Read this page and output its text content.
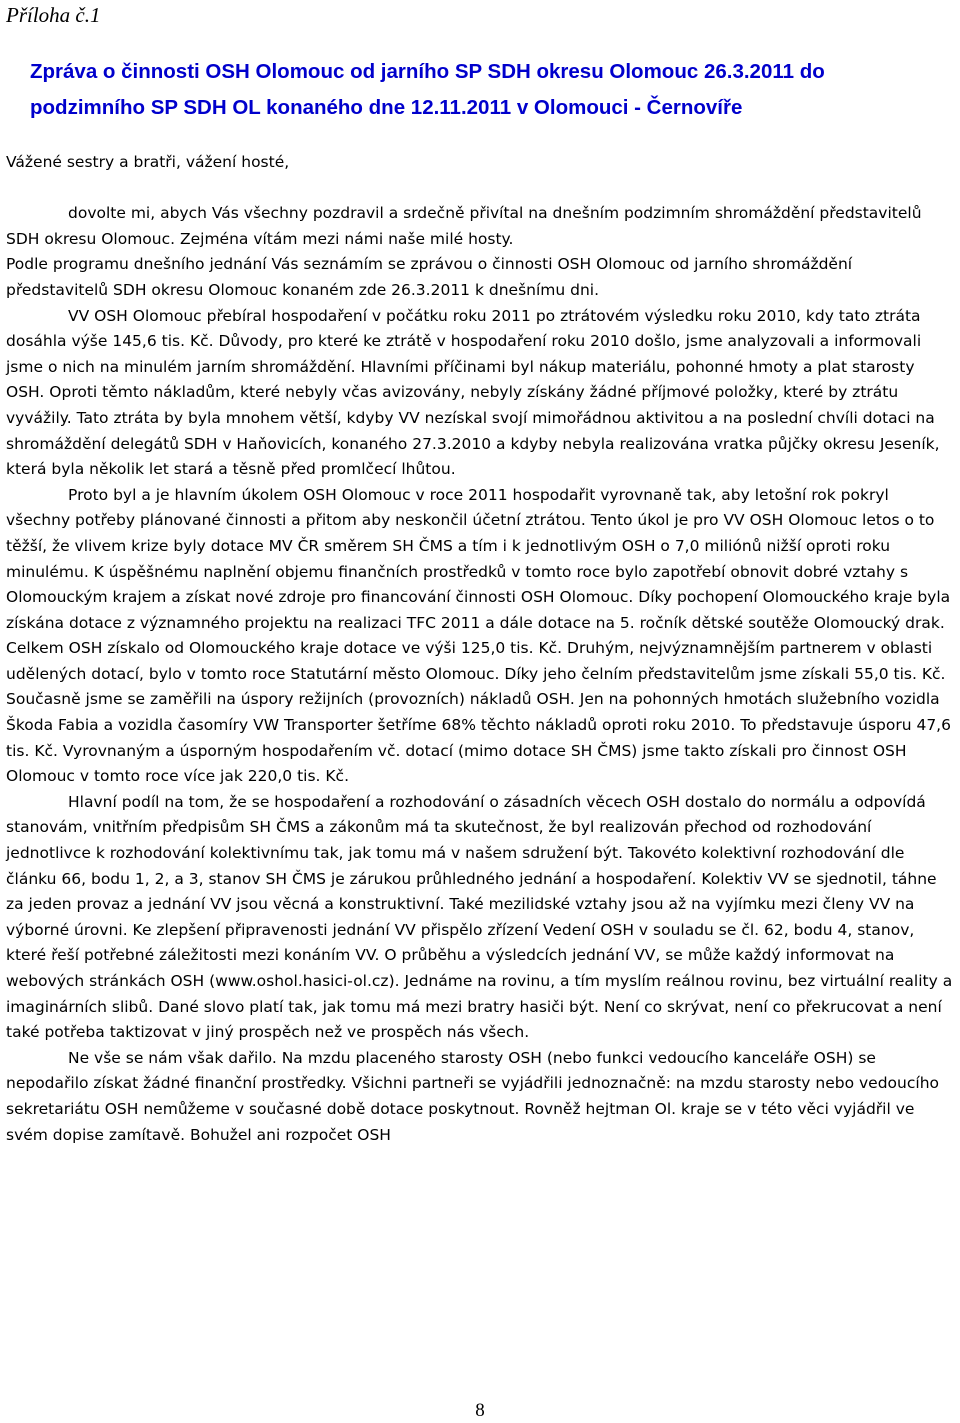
Příloha č.1
Zpráva o činnosti OSH Olomouc od jarního SP SDH okresu Olomouc 26.3.2011 do
podzimního SP SDH OL konaného dne 12.11.2011 v Olomouci - Černovíře

Vážené sestry a bratři, vážení hosté,

dovolte mi, abych Vás všechny pozdravil a srdečně přivítal na dnešním podzimním shromáždění představitelů SDH okresu Olomouc. Zejména vítám mezi námi naše milé hosty.

Podle programu dnešního jednání Vás seznámím se zprávou o činnosti OSH Olomouc od jarního shromáždění představitelů SDH okresu Olomouc konaném zde 26.3.2011 k dnešnímu dni.

VV OSH Olomouc přebíral hospodaření v počátku roku 2011 po ztrátovém výsledku roku 2010, kdy tato ztráta dosáhla výše 145,6 tis. Kč. Důvody, pro které ke ztrátě v hospodaření roku 2010 došlo, jsme analyzovali a informovali jsme o nich na minulém jarním shromáždění. Hlavními příčinami byl nákup materiálu, pohonné hmoty a plat starosty OSH. Oproti těmto nákladům, které nebyly včas avizovány, nebyly získány žádné příjmové položky, které by ztrátu vyvážily. Tato ztráta by byla mnohem větší, kdyby VV nezískal svojí mimořádnou aktivitou a na poslední chvíli dotaci na shromáždění delegátů SDH v Haňovicích, konaného 27.3.2010 a kdyby nebyla realizována vratka půjčky okresu Jeseník, která byla několik let stará a těsně před promlčecí lhůtou.

Proto byl a je hlavním úkolem OSH Olomouc v roce 2011 hospodařit vyrovnaně tak, aby letošní rok pokryl všechny potřeby plánované činnosti a přitom aby neskončil účetní ztrátou. Tento úkol je pro VV OSH Olomouc letos o to těžší, že vlivem krize byly dotace MV ČR směrem SH ČMS a tím i k jednotlivým OSH o 7,0 miliónů nižší oproti roku minulému. K úspěšnému naplnění objemu finančních prostředků v tomto roce bylo zapotřebí obnovit dobré vztahy s Olomouckým krajem a získat nové zdroje pro financování činnosti OSH Olomouc. Díky pochopení Olomouckého kraje byla získána dotace z významného projektu na realizaci TFC 2011 a dále dotace na 5. ročník dětské soutěže Olomoucký drak. Celkem OSH získalo od Olomouckého kraje dotace ve výši 125,0 tis. Kč. Druhým, nejvýznamnějším partnerem v oblasti udělených dotací, bylo v tomto roce Statutární město Olomouc. Díky jeho čelním představitelům jsme získali 55,0 tis. Kč. Současně jsme se zaměřili na úspory režijních (provozních) nákladů OSH. Jen na pohonných hmotách služebního vozidla Škoda Fabia a vozidla časomíry VW Transporter šetříme 68% těchto nákladů oproti roku 2010. To představuje úsporu 47,6 tis. Kč. Vyrovnaným a úsporným hospodařením vč. dotací (mimo dotace SH ČMS) jsme takto získali pro činnost OSH Olomouc v tomto roce více jak 220,0 tis. Kč.

Hlavní podíl na tom, že se hospodaření a rozhodování o zásadních věcech OSH dostalo do normálu a odpovídá stanovám, vnitřním předpisům SH ČMS a zákonům má ta skutečnost, že byl realizován přechod od rozhodování jednotlivce k rozhodování kolektivnímu tak, jak tomu má v našem sdružení být. Takovéto kolektivní rozhodování dle článku 66, bodu 1, 2, a 3, stanov SH ČMS je zárukou průhledného jednání a hospodaření. Kolektiv VV se sjednotil, táhne za jeden provaz a jednání VV jsou věcná a konstruktivní. Také mezilidské vztahy jsou až na vyjímku mezi členy VV na výborné úrovni. Ke zlepšení připravenosti jednání VV přispělo zřízení Vedení OSH v souladu se čl. 62, bodu 4, stanov, které řeší potřebné záležitosti mezi konáním VV. O průběhu a výsledcích jednání VV, se může každý informovat na webových stránkách OSH (www.oshol.hasici-ol.cz). Jednáme na rovinu, a tím myslím reálnou rovinu, bez virtuální reality a imaginárních slibů. Dané slovo platí tak, jak tomu má mezi bratry hasiči být. Není co skrývat, není co překrucovat a není také potřeba taktizovat v jiný prospěch než ve prospěch nás všech.

Ne vše se nám však dařilo. Na mzdu placeného starosty OSH (nebo funkci vedoucího kanceláře OSH) se nepodařilo získat žádné finanční prostředky. Všichni partneři se vyjádřili jednoznačně: na mzdu starosty nebo vedoucího sekretariátu OSH nemůžeme v současné době dotace poskytnout. Rovněž hejtman Ol. kraje se v této věci vyjádřil ve svém dopise zamítavě. Bohužel ani rozpočet OSH

8
